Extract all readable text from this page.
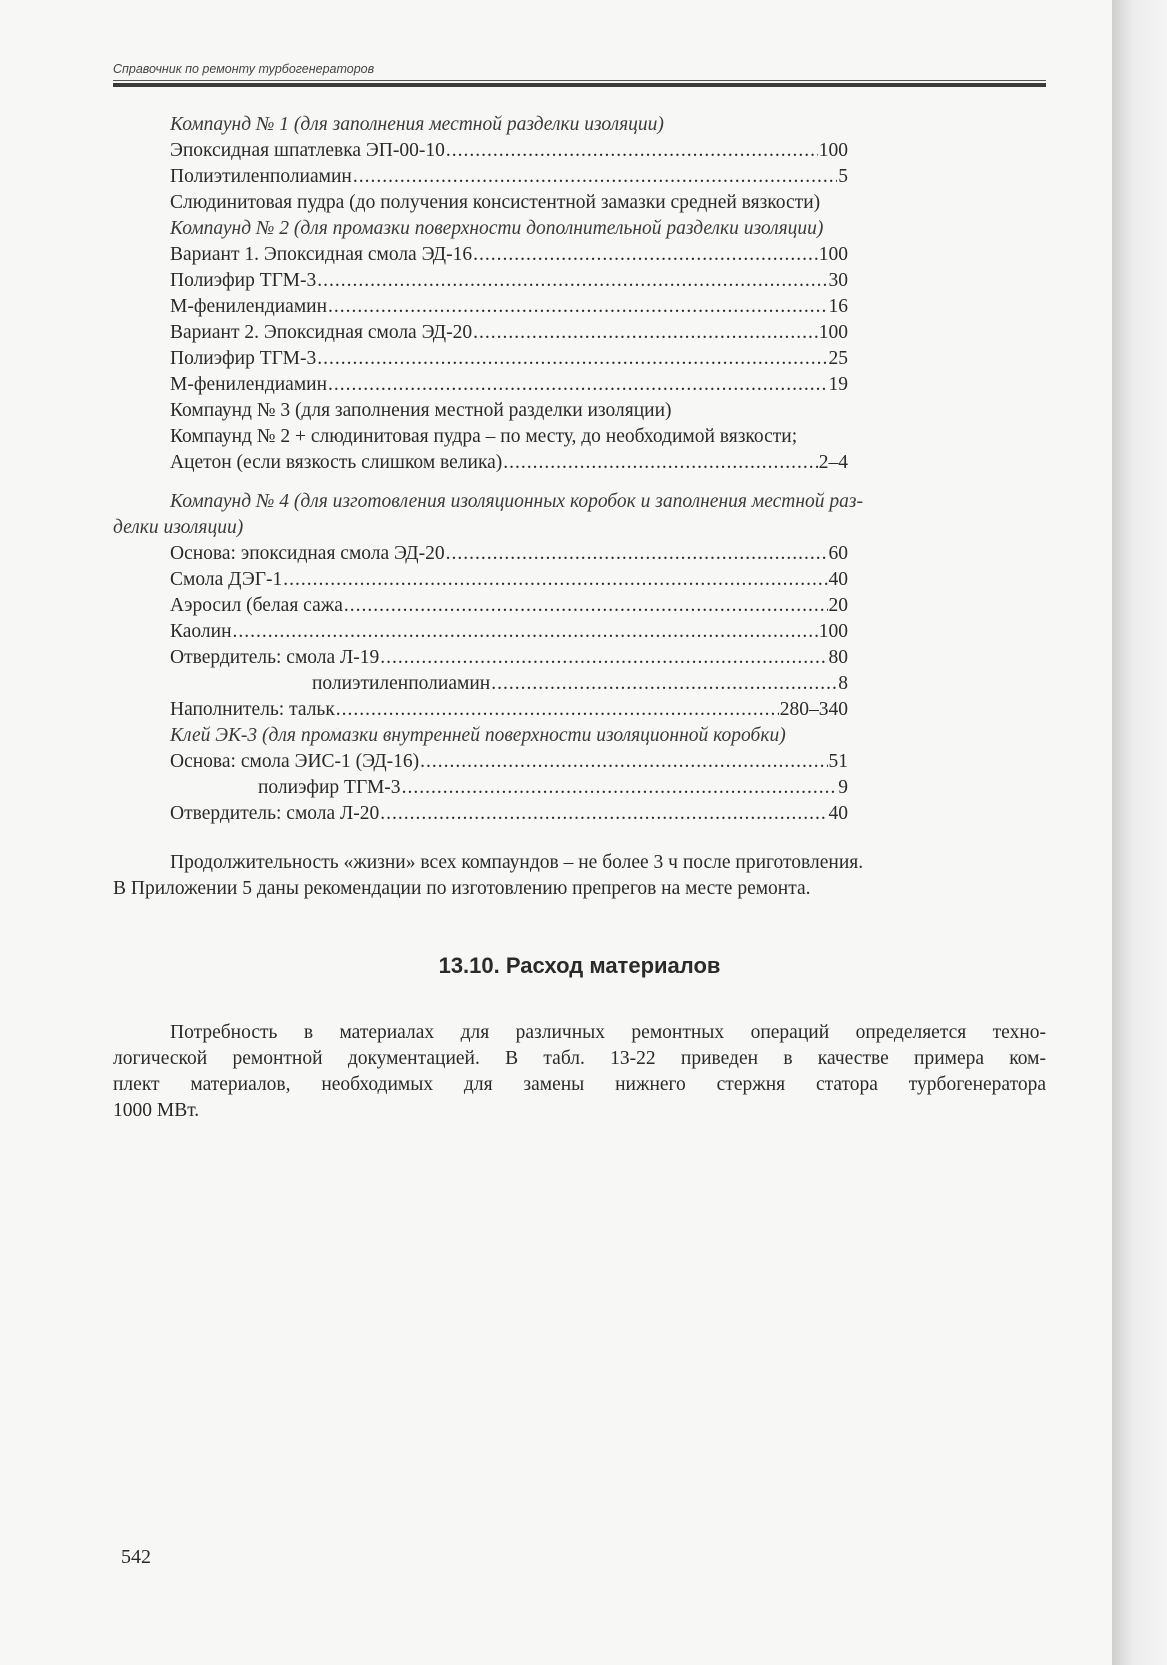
Справочник по ремонту турбогенераторов
Компаунд № 1 (для заполнения местной разделки изоляции)
Эпоксидная шпатлевка ЭП-00-10 .....	100
Полиэтиленполиамин .....	5
Слюдинитовая пудра (до получения консистентной замазки средней вязкости)
Компаунд № 2 (для промазки поверхности дополнительной разделки изоляции)
Вариант 1. Эпоксидная смола ЭД-16 .....	100
Полиэфир ТГМ-3 .....	30
М-фенилендиамин .....	16
Вариант 2. Эпоксидная смола ЭД-20 .....	100
Полиэфир ТГМ-3 .....	25
М-фенилендиамин .....	19
Компаунд № 3 (для заполнения местной разделки изоляции)
Компаунд № 2 + слюдинитовая пудра – по месту, до необходимой вязкости;
Ацетон (если вязкость слишком велика) .....	2–4
Компаунд № 4 (для изготовления изоляционных коробок и заполнения местной раз-
делки изоляции)
Основа: эпоксидная смола ЭД-20 .....	60
Смола ДЭГ-1 .....	40
Аэросил (белая сажа .....	20
Каолин .....	100
Отвердитель: смола Л-19 .....	80
полиэтиленполиамин .....	8
Наполнитель: тальк .....	280–340
Клей ЭК-3 (для промазки внутренней поверхности изоляционной коробки)
Основа: смола ЭИС-1 (ЭД-16) .....	51
полиэфир ТГМ-3 .....	9
Отвердитель: смола Л-20 .....	40
Продолжительность «жизни» всех компаундов – не более 3 ч после приготовления.
В Приложении 5 даны рекомендации по изготовлению препрегов на месте ремонта.
13.10. Расход материалов
Потребность в материалах для различных ремонтных операций определяется техно-
логической ремонтной документацией. В табл. 13-22 приведен в качестве примера ком-
плект материалов, необходимых для замены нижнего стержня статора турбогенератора
1000 МВт.
542
